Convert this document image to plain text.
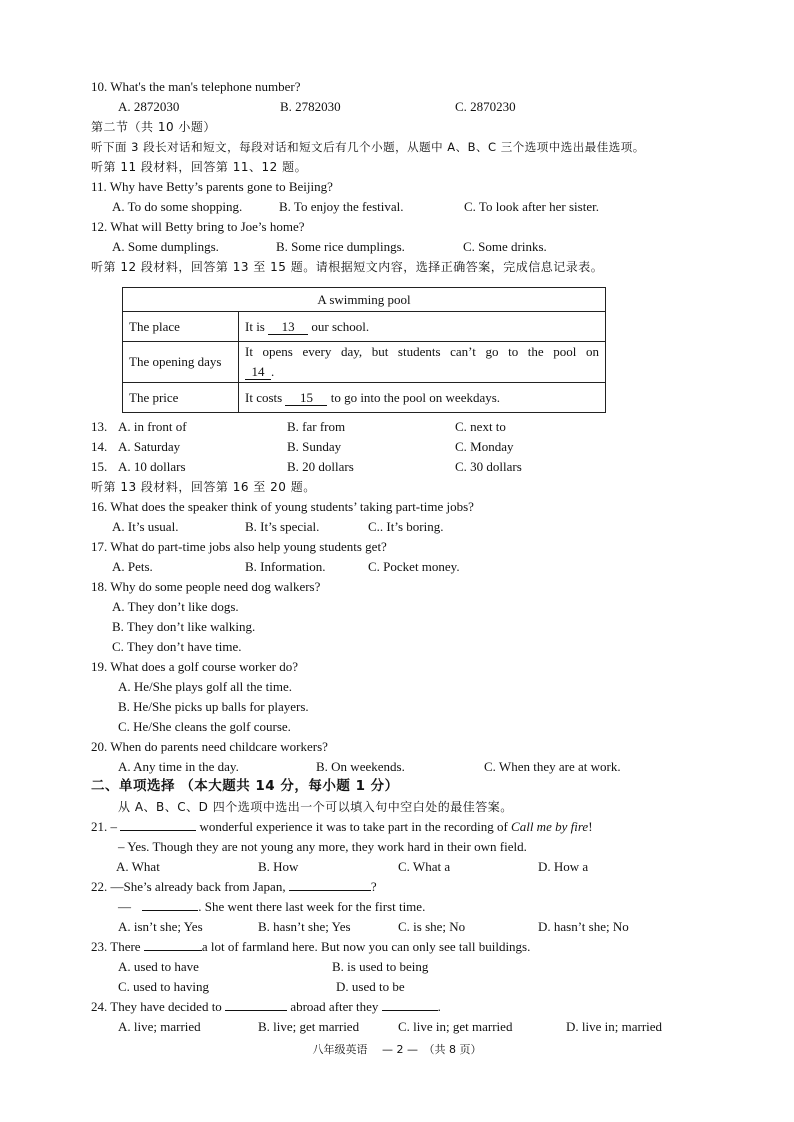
10. What's the man's telephone number?
A. 2872030	B. 2782030	C. 2870230
第二节（共 10 小题）
听下面 3 段长对话和短文，每段对话和短文后有几个小题，从题中 A、B、C 三个选项中选出最佳选项。
听第 11 段材料，回答第 11、12 题。
11. Why have Betty’s parents gone to Beijing?
A. To do some shopping.	B. To enjoy the festival.	C. To look after her sister.
12. What will Betty bring to Joe’s home?
A. Some dumplings.	B. Some rice dumplings.	C. Some drinks.
听第 12 段材料，回答第 13 至 15 题。请根据短文内容，选择正确答案，完成信息记录表。
A swimming pool	
The place	It is 13 our school.
The opening days	It opens every day, but students can’t go to the pool on
14 .

The price	It costs 15 to go into the pool on weekdays.
13. A. in front of	B. far from	C. next to
14. A. Saturday	B. Sunday	C. Monday
15. A. 10 dollars	B. 20 dollars	C. 30 dollars
听第 13 段材料，回答第 16 至 20 题。
16. What does the speaker think of young students’ taking part-time jobs?
A. It’s usual.	B. It’s special.	C.. It’s boring.
17. What do part-time jobs also help young students get?
A. Pets.	B. Information.	C. Pocket money.
18. Why do some people need dog walkers?
A. They don’t like dogs.
B. They don’t like walking.
C. They don’t have time.
19. What does a golf course worker do?
A. He/She plays golf all the time.
B. He/She picks up balls for players.
C. He/She cleans the golf course.
20. When do parents need childcare workers?
A. Any time in the day.	B. On weekends.	C. When they are at work.
二、单项选择 （本大题共 14 分，每小题 1 分）
从 A、B、C、D 四个选项中选出一个可以填入句中空白处的最佳答案。
21. –	wonderful experience it was to take part in the recording of Call me by fire!
– Yes. Though they are not young any more, they work hard in their own field.
A. What	B. How	C. What a	D. How a
22. —She’s already back from Japan,	?
—	. She went there last week for the first time.
A. isn’t she; Yes	B. hasn’t she; Yes	C. is she; No	D. hasn’t she; No
23. There	a lot of farmland here. But now you can only see tall buildings.
A. used to have	B. is used to being
C. used to having	D. used to be
24. They have decided to	abroad after they	.
A. live; married	B. live; get married	C. live in; get married	D. live in; married
八年级英语　 — 2 —　（共 8 页）
